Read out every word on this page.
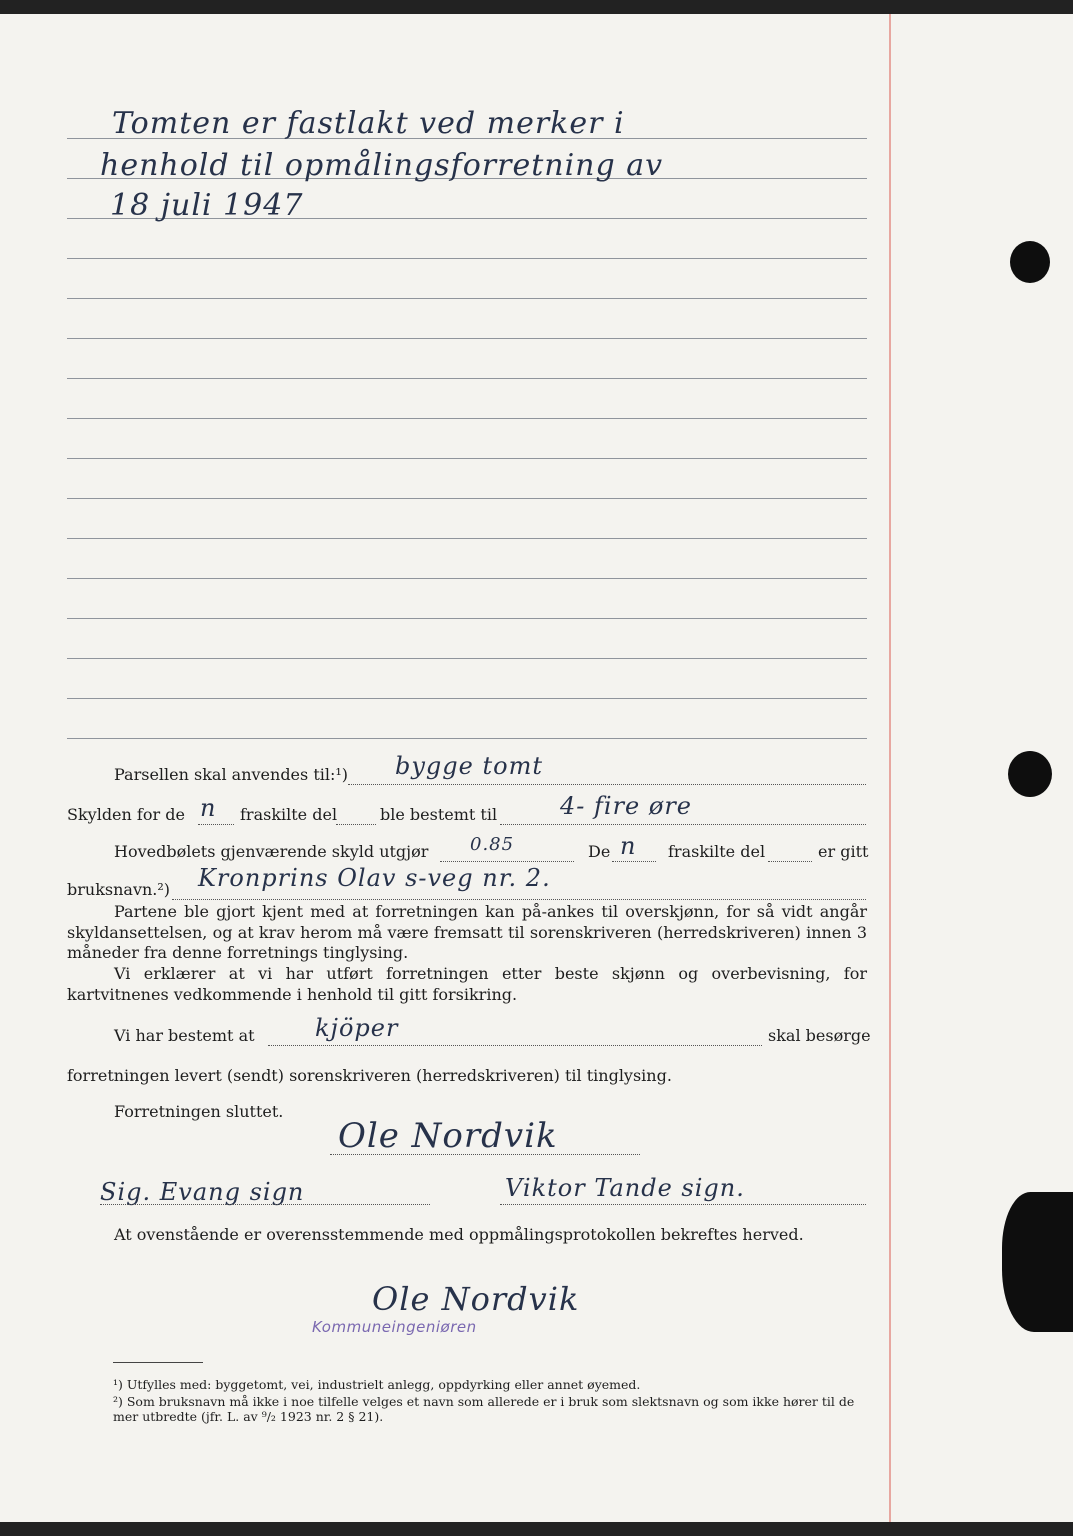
Tomten er fastlakt ved merker i
henhold til opmålingsforretning av
18 juli 1947
Parsellen skal anvendes til:¹) bygge tomt
Skylden for de n fraskilte del	ble bestemt til	4- fire øre
Hovedbølets gjenværende skyld utgjør 0.85	De n fraskilte del	er gitt
bruksnavn.²) Kronprins Olav s-veg nr. 2.
Partene ble gjort kjent med at forretningen kan på-ankes til overskjønn, for så vidt angår skyldansettelsen, og at krav herom må være fremsatt til sorenskriveren (herredskriveren) innen 3 måneder fra denne forretnings tinglysing.
Vi erklærer at vi har utført forretningen etter beste skjønn og overbevisning, for kartvitnenes vedkommende i henhold til gitt forsikring.
Vi har bestemt at	kjöper	skal besørge
forretningen levert (sendt) sorenskriveren (herredskriveren) til tinglysing.
Forretningen sluttet.
Ole Nordvik
Sig. Evang sign	Viktor Tande sign.
At ovenstående er overensstemmende med oppmålingsprotokollen bekreftes herved.
Ole Nordvik
Kommuneingeniøren
¹) Utfylles med: byggetomt, vei, industrielt anlegg, oppdyrking eller annet øyemed.
²) Som bruksnavn må ikke i noe tilfelle velges et navn som allerede er i bruk som slektsnavn og som ikke hører til de mer utbredte (jfr. L. av ⁹/₂ 1923 nr. 2 § 21).
